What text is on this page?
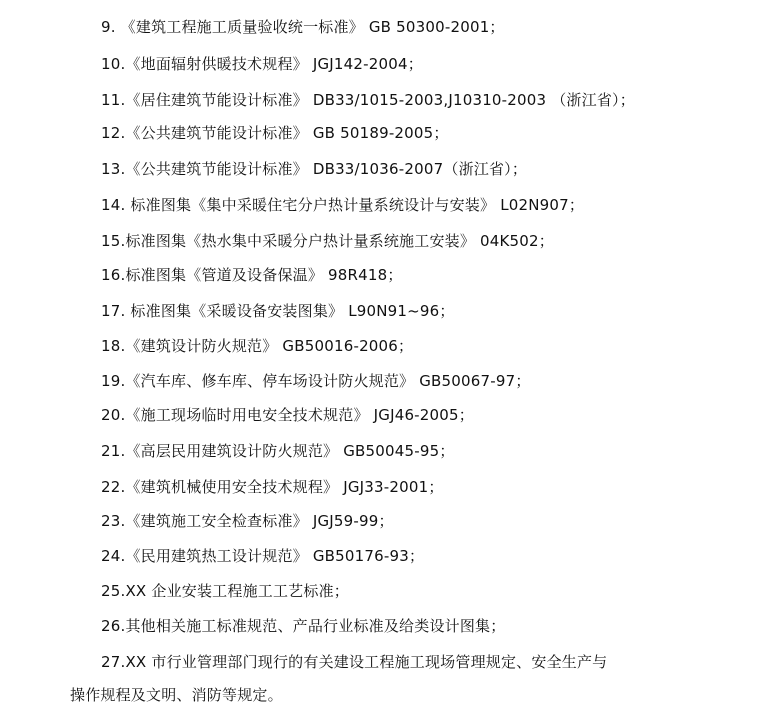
9. 《建筑工程施工质量验收统一标准》 GB 50300-2001；
10.《地面辐射供暖技术规程》 JGJ142-2004；
11.《居住建筑节能设计标准》 DB33/1015-2003,J10310-2003 （浙江省）；
12.《公共建筑节能设计标准》 GB 50189-2005；
13.《公共建筑节能设计标准》 DB33/1036-2007（浙江省）；
14. 标准图集《集中采暖住宅分户热计量系统设计与安装》 L02N907；
15.标准图集《热水集中采暖分户热计量系统施工安装》 04K502；
16.标准图集《管道及设备保温》 98R418；
17. 标准图集《采暖设备安装图集》 L90N91~96；
18.《建筑设计防火规范》 GB50016-2006；
19.《汽车库、修车库、停车场设计防火规范》 GB50067-97；
20.《施工现场临时用电安全技术规范》 JGJ46-2005；
21.《高层民用建筑设计防火规范》 GB50045-95；
22.《建筑机械使用安全技术规程》 JGJ33-2001；
23.《建筑施工安全检查标准》 JGJ59-99；
24.《民用建筑热工设计规范》 GB50176-93；
25.XX 企业安装工程施工工艺标准；
26.其他相关施工标准规范、产品行业标准及给类设计图集；
27.XX 市行业管理部门现行的有关建设工程施工现场管理规定、安全生产与
操作规程及文明、消防等规定。
